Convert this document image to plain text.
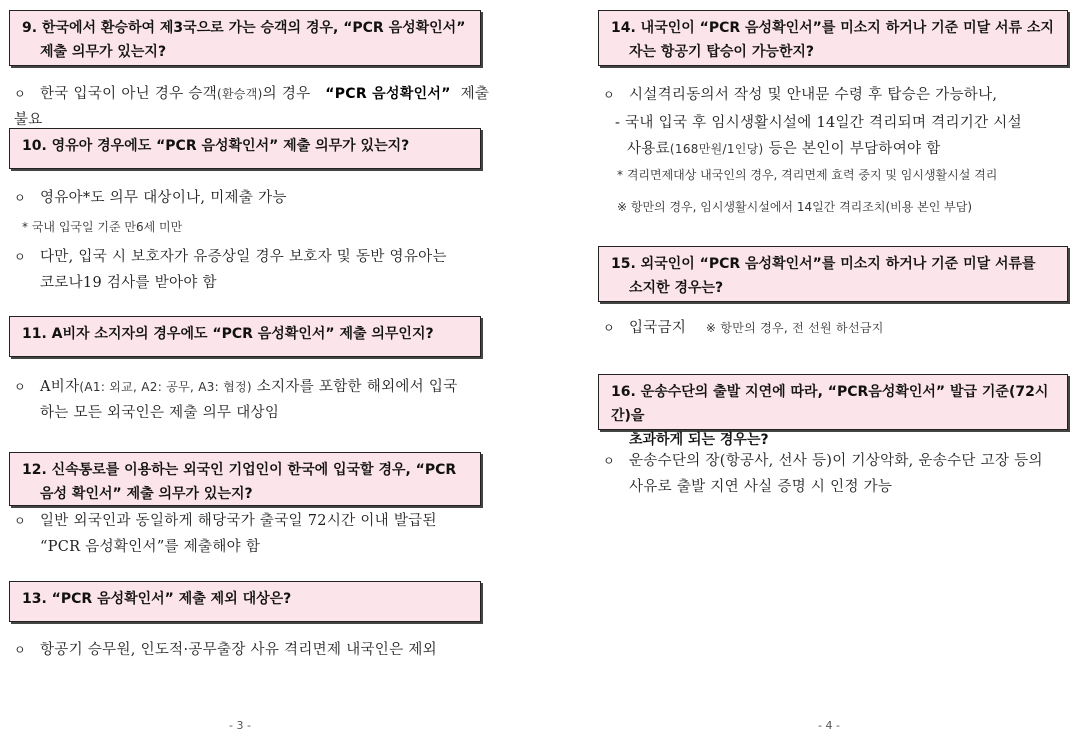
9. 한국에서 환승하여 제3국으로 가는 승객의 경우, “PCR 음성확인서”
제출 의무가 있는지?
ㅇ 한국 입국이 아닌 경우 승객(환승객)의 경우 “PCR 음성확인서” 제출 불요
10. 영유아 경우에도 “PCR 음성확인서” 제출 의무가 있는지?
ㅇ 영유아*도 의무 대상이나, 미제출 가능
* 국내 입국일 기준 만6세 미만
ㅇ 다만, 입국 시 보호자가 유증상일 경우 보호자 및 동반 영유아는
코로나19 검사를 받아야 함
11. A비자 소지자의 경우에도 “PCR 음성확인서” 제출 의무인지?
ㅇ A비자(A1: 외교, A2: 공무, A3: 협정) 소지자를 포함한 해외에서 입국
하는 모든 외국인은 제출 의무 대상임
12. 신속통로를 이용하는 외국인 기업인이 한국에 입국할 경우, “PCR
음성 확인서” 제출 의무가 있는지?
ㅇ 일반 외국인과 동일하게 해당국가 출국일 72시간 이내 발급된
“PCR 음성확인서”를 제출해야 함
13. “PCR 음성확인서” 제출 제외 대상은?
ㅇ 항공기 승무원, 인도적·공무출장 사유 격리면제 내국인은 제외
- 3 -
14. 내국인이 “PCR 음성확인서”를 미소지 하거나 기준 미달 서류 소지
자는 항공기 탑승이 가능한지?
ㅇ 시설격리동의서 작성 및 안내문 수령 후 탑승은 가능하나,
- 국내 입국 후 임시생활시설에 14일간 격리되며 격리기간 시설
사용료(168만원/1인당) 등은 본인이 부담하여야 함
* 격리면제대상 내국인의 경우, 격리면제 효력 중지 및 임시생활시설 격리
※ 항만의 경우, 임시생활시설에서 14일간 격리조치(비용 본인 부담)
15. 외국인이 “PCR 음성확인서”를 미소지 하거나 기준 미달 서류를
소지한 경우는?
ㅇ 입국금지 ※ 항만의 경우, 전 선원 하선금지
16. 운송수단의 출발 지연에 따라, “PCR음성확인서” 발급 기준(72시간)을
초과하게 되는 경우는?
ㅇ 운송수단의 장(항공사, 선사 등)이 기상악화, 운송수단 고장 등의
사유로 출발 지연 사실 증명 시 인정 가능
- 4 -
